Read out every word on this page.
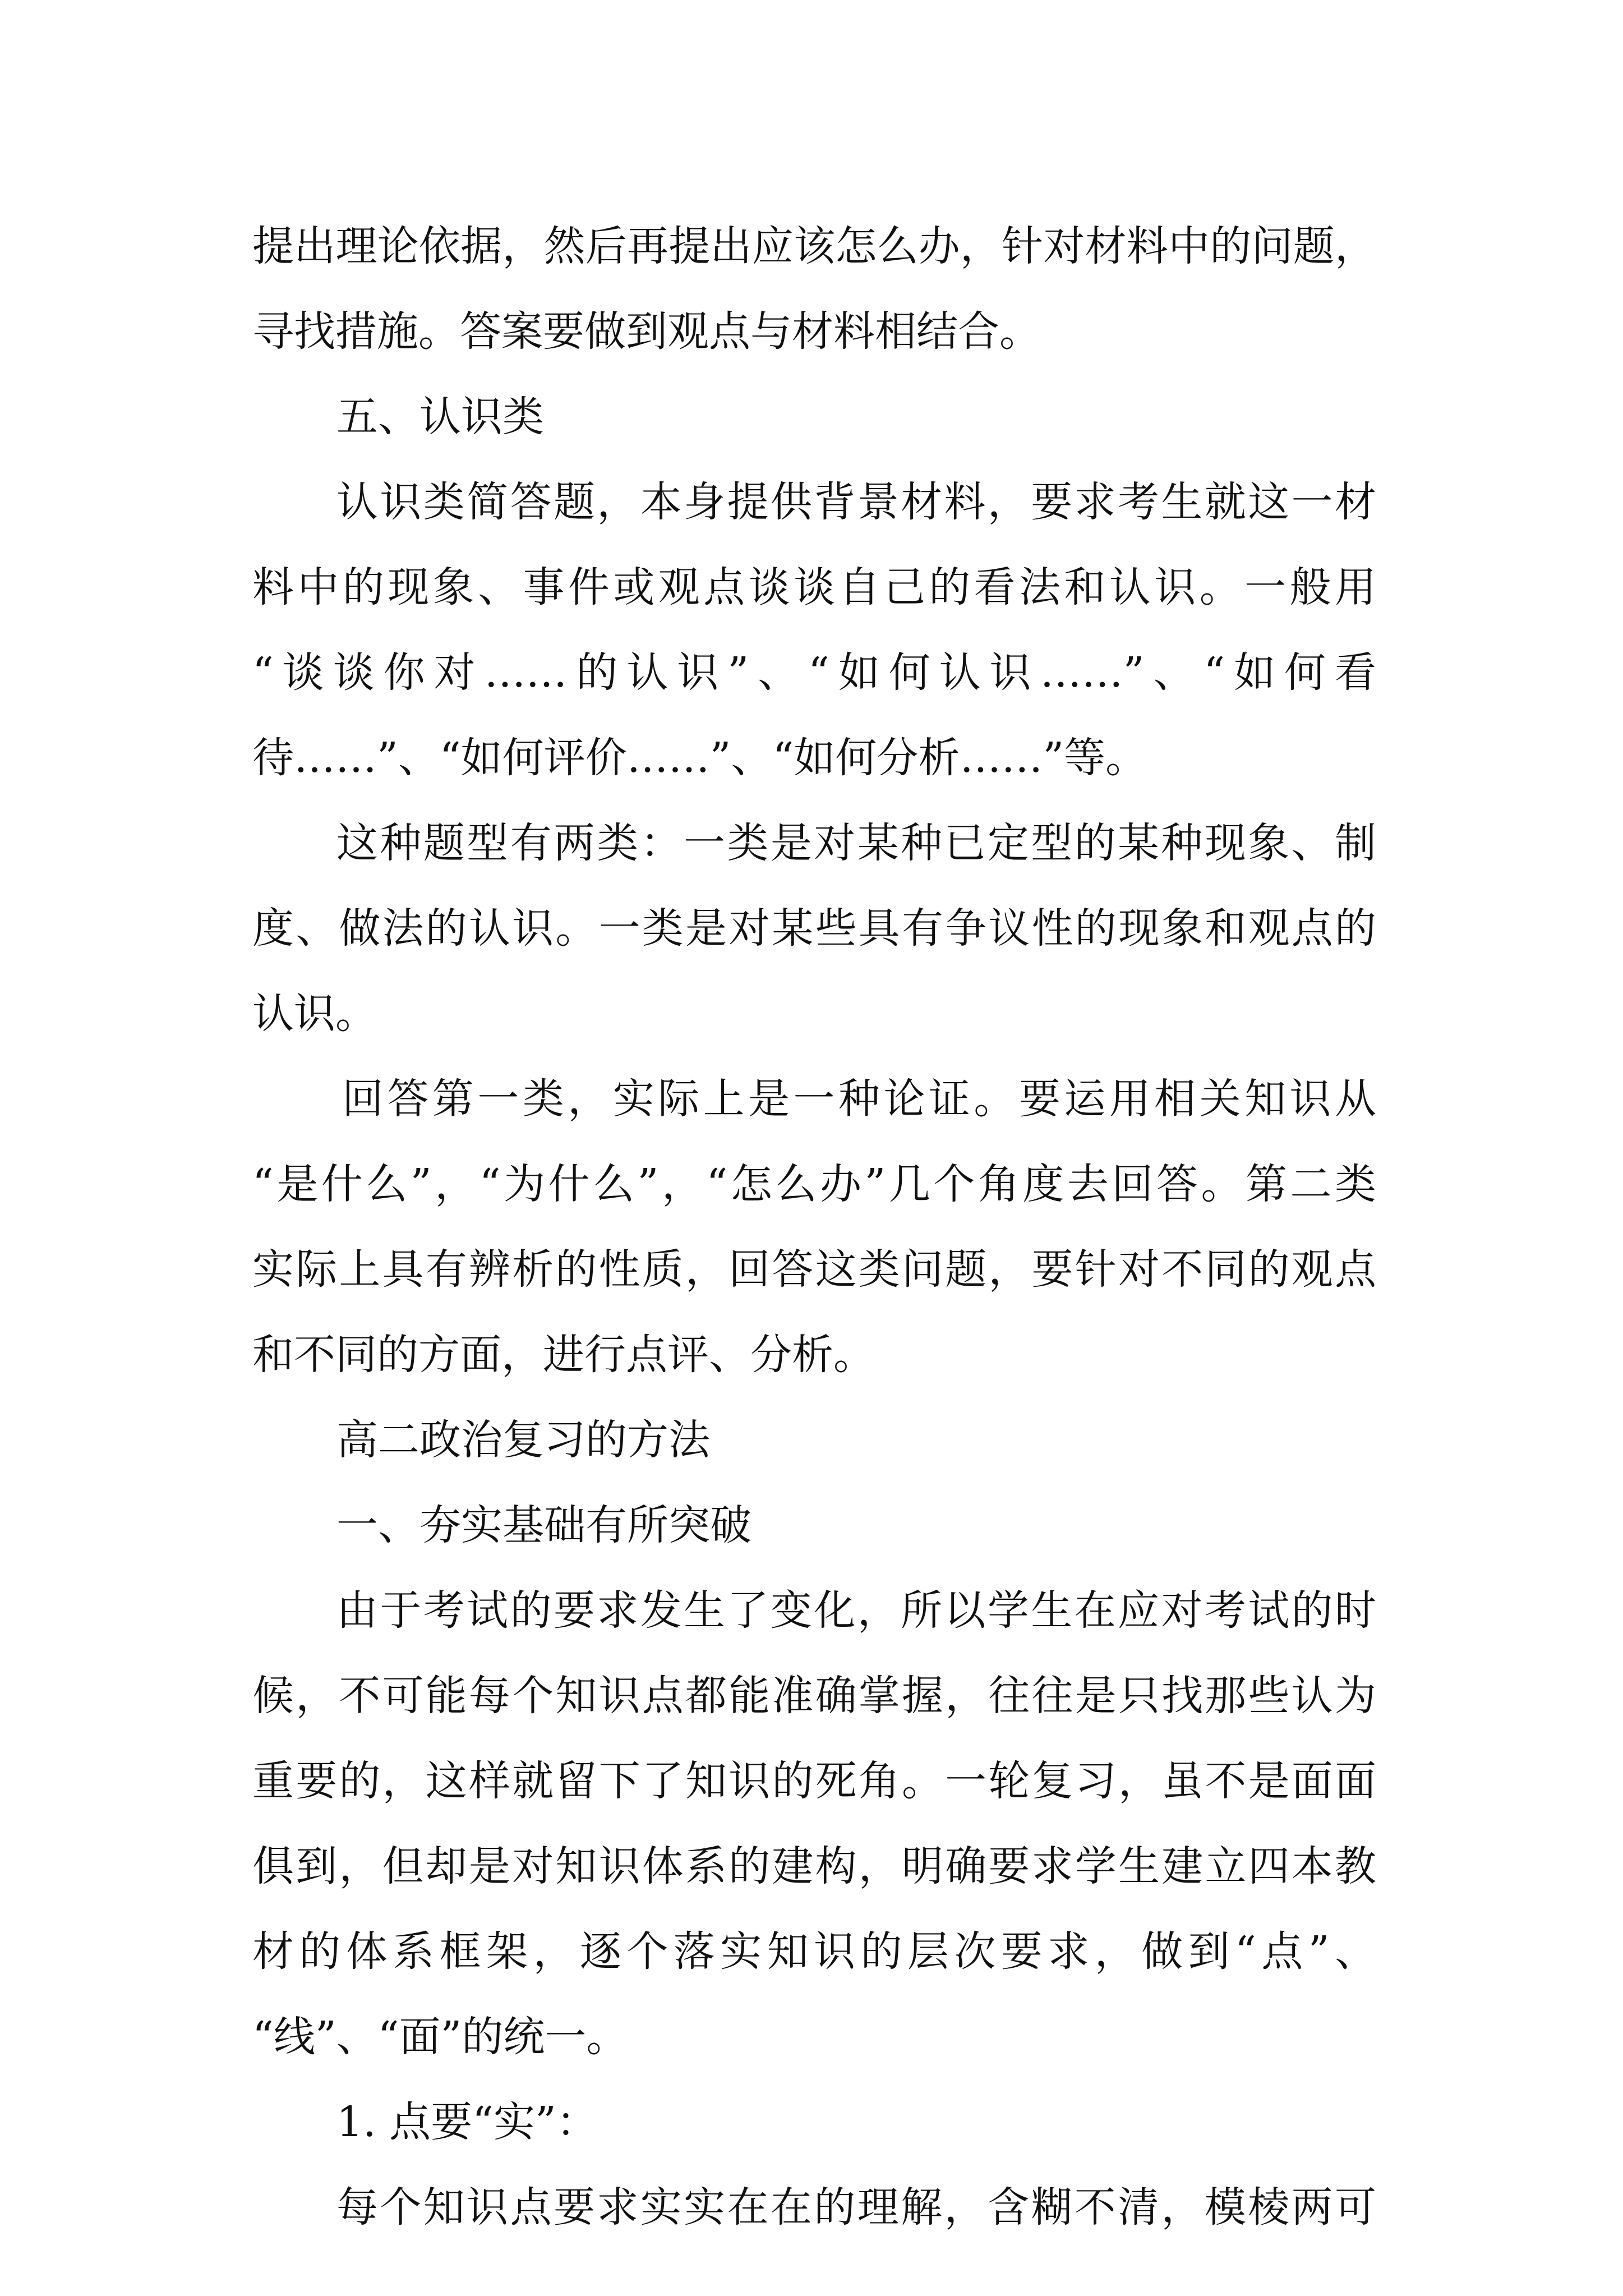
提出理论依据，然后再提出应该怎么办，针对材料中的问题，

寻找措施。答案要做到观点与材料相结合。

五、认识类

认识类简答题，本身提供背景材料，要求考生就这一材

料中的现象、事件或观点谈谈自己的看法和认识。一般用

“谈谈你对……的认识”、“如何认识……”、“如何看

待……”、“如何评价……”、“如何分析……”等。

这种题型有两类：一类是对某种已定型的某种现象、制

度、做法的认识。一类是对某些具有争议性的现象和观点的

认识。

回答第一类，实际上是一种论证。要运用相关知识从

“是什么”，“为什么”，“怎么办”几个角度去回答。第二类

实际上具有辨析的性质，回答这类问题，要针对不同的观点

和不同的方面，进行点评、分析。

高二政治复习的方法

一、夯实基础有所突破

由于考试的要求发生了变化，所以学生在应对考试的时

候，不可能每个知识点都能准确掌握，往往是只找那些认为

重要的，这样就留下了知识的死角。一轮复习，虽不是面面

俱到，但却是对知识体系的建构，明确要求学生建立四本教

材的体系框架，逐个落实知识的层次要求，做到“点”、

“线”、“面”的统一。

1. 点要“实”：

每个知识点要求实实在在的理解，含糊不清，模棱两可
